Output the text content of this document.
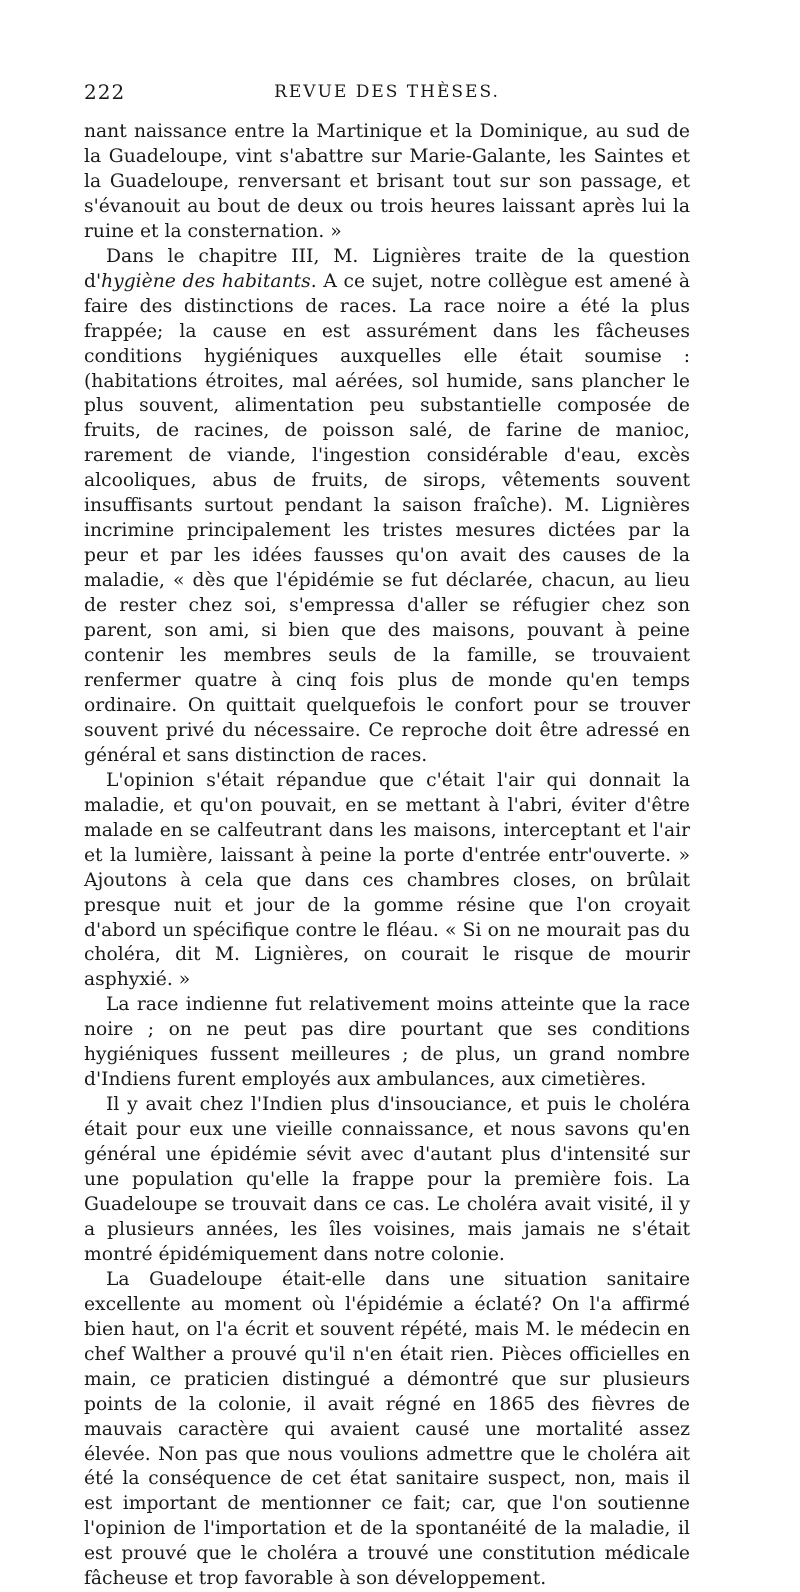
222	REVUE DES THÈSES.

nant naissance entre la Martinique et la Dominique, au sud de la Guadeloupe, vint s'abattre sur Marie-Galante, les Saintes et la Guadeloupe, renversant et brisant tout sur son passage, et s'évanouit au bout de deux ou trois heures laissant après lui la ruine et la consternation. »

Dans le chapitre III, M. Lignières traite de la question d'hygiène des habitants. A ce sujet, notre collègue est amené à faire des distinctions de races. La race noire a été la plus frappée; la cause en est assurément dans les fâcheuses conditions hygiéniques auxquelles elle était soumise : (habitations étroites, mal aérées, sol humide, sans plancher le plus souvent, alimentation peu substantielle composée de fruits, de racines, de poisson salé, de farine de manioc, rarement de viande, l'ingestion considérable d'eau, excès alcooliques, abus de fruits, de sirops, vêtements souvent insuffisants surtout pendant la saison fraîche). M. Lignières incrimine principalement les tristes mesures dictées par la peur et par les idées fausses qu'on avait des causes de la maladie, « dès que l'épidémie se fut déclarée, chacun, au lieu de rester chez soi, s'empressa d'aller se réfugier chez son parent, son ami, si bien que des maisons, pouvant à peine contenir les membres seuls de la famille, se trouvaient renfermer quatre à cinq fois plus de monde qu'en temps ordinaire. On quittait quelquefois le confort pour se trouver souvent privé du nécessaire. Ce reproche doit être adressé en général et sans distinction de races.

L'opinion s'était répandue que c'était l'air qui donnait la maladie, et qu'on pouvait, en se mettant à l'abri, éviter d'être malade en se calfeutrant dans les maisons, interceptant et l'air et la lumière, laissant à peine la porte d'entrée entr'ouverte. » Ajoutons à cela que dans ces chambres closes, on brûlait presque nuit et jour de la gomme résine que l'on croyait d'abord un spécifique contre le fléau. « Si on ne mourait pas du choléra, dit M. Lignières, on courait le risque de mourir asphyxié. »

La race indienne fut relativement moins atteinte que la race noire ; on ne peut pas dire pourtant que ses conditions hygiéniques fussent meilleures ; de plus, un grand nombre d'Indiens furent employés aux ambulances, aux cimetières.

Il y avait chez l'Indien plus d'insouciance, et puis le choléra était pour eux une vieille connaissance, et nous savons qu'en général une épidémie sévit avec d'autant plus d'intensité sur une population qu'elle la frappe pour la première fois. La Guadeloupe se trouvait dans ce cas. Le choléra avait visité, il y a plusieurs années, les îles voisines, mais jamais ne s'était montré épidémiquement dans notre colonie.

La Guadeloupe était-elle dans une situation sanitaire excellente au moment où l'épidémie a éclaté? On l'a affirmé bien haut, on l'a écrit et souvent répété, mais M. le médecin en chef Walther a prouvé qu'il n'en était rien. Pièces officielles en main, ce praticien distingué a démontré que sur plusieurs points de la colonie, il avait régné en 1865 des fièvres de mauvais caractère qui avaient causé une mortalité assez élevée. Non pas que nous voulions admettre que le choléra ait été la conséquence de cet état sanitaire suspect, non, mais il est important de mentionner ce fait; car, que l'on soutienne l'opinion de l'importation et de la spontanéité de la maladie, il est prouvé que le choléra a trouvé une constitution médicale fâcheuse et trop favorable à son développement.
